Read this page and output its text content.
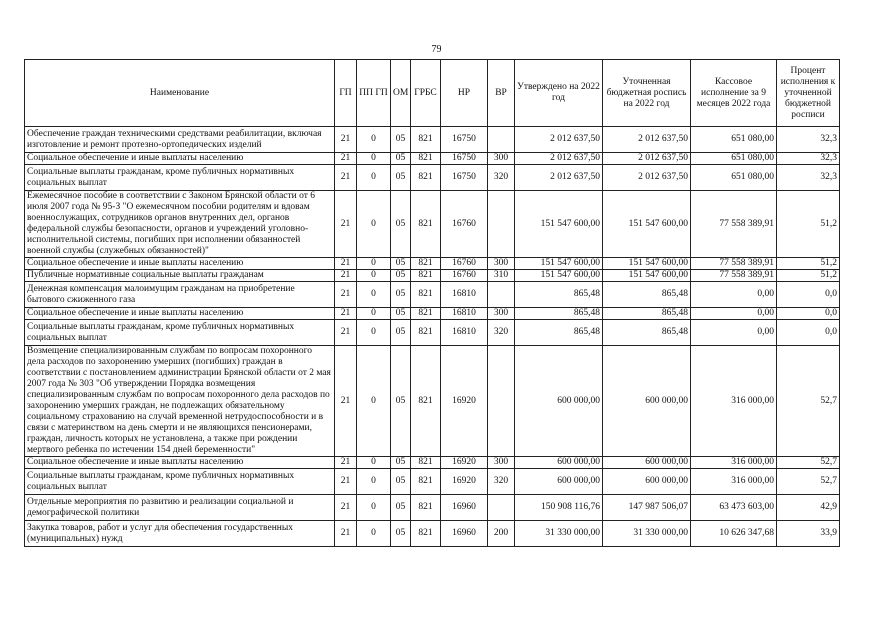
79
Наименование	ГП	ПП ГП	ОМ	ГРБС	НР	ВР	Утверждено на 2022 год	Уточненная бюджетная роспись на 2022 год	Кассовое исполнение за 9 месяцев 2022 года	Процент исполнения к уточненной бюджетной росписи
Обеспечение граждан техническими средствами реабилитации, включая изготовление и ремонт протезно-ортопедических изделий	21	0	05	821	16750		2 012 637,50	2 012 637,50	651 080,00	32,3
Социальное обеспечение и иные выплаты населению	21	0	05	821	16750	300	2 012 637,50	2 012 637,50	651 080,00	32,3
Социальные выплаты гражданам, кроме публичных нормативных социальных выплат	21	0	05	821	16750	320	2 012 637,50	2 012 637,50	651 080,00	32,3
Ежемесячное пособие в соответствии с Законом Брянской области от 6 июля 2007 года № 95-З "О ежемесячном пособии родителям и вдовам военнослужащих, сотрудников органов внутренних дел, органов федеральной службы безопасности, органов и учреждений уголовно-исполнительной системы, погибших при исполнении обязанностей военной службы (служебных обязанностей)"	21	0	05	821	16760		151 547 600,00	151 547 600,00	77 558 389,91	51,2
Социальное обеспечение и иные выплаты населению	21	0	05	821	16760	300	151 547 600,00	151 547 600,00	77 558 389,91	51,2
Публичные нормативные социальные выплаты гражданам	21	0	05	821	16760	310	151 547 600,00	151 547 600,00	77 558 389,91	51,2
Денежная компенсация малоимущим гражданам на приобретение бытового сжиженного газа	21	0	05	821	16810		865,48	865,48	0,00	0,0
Социальное обеспечение и иные выплаты населению	21	0	05	821	16810	300	865,48	865,48	0,00	0,0
Социальные выплаты гражданам, кроме публичных нормативных социальных выплат	21	0	05	821	16810	320	865,48	865,48	0,00	0,0
Возмещение специализированным службам по вопросам похоронного дела расходов по захоронению умерших (погибших) граждан в соответствии с постановлением администрации Брянской области от 2 мая 2007 года № 303 "Об утверждении Порядка возмещения специализированным службам по вопросам похоронного дела расходов по захоронению умерших граждан, не подлежащих обязательному социальному страхованию на случай временной нетрудоспособности и в связи с материнством на день смерти и не являющихся пенсионерами, граждан, личность которых не установлена, а также при рождении мертвого ребенка по истечении 154 дней беременности"	21	0	05	821	16920		600 000,00	600 000,00	316 000,00	52,7
Социальное обеспечение и иные выплаты населению	21	0	05	821	16920	300	600 000,00	600 000,00	316 000,00	52,7
Социальные выплаты гражданам, кроме публичных нормативных социальных выплат	21	0	05	821	16920	320	600 000,00	600 000,00	316 000,00	52,7
Отдельные мероприятия по развитию и реализации социальной и демографической политики	21	0	05	821	16960		150 908 116,76	147 987 506,07	63 473 603,00	42,9
Закупка товаров, работ и услуг для обеспечения государственных (муниципальных) нужд	21	0	05	821	16960	200	31 330 000,00	31 330 000,00	10 626 347,68	33,9
